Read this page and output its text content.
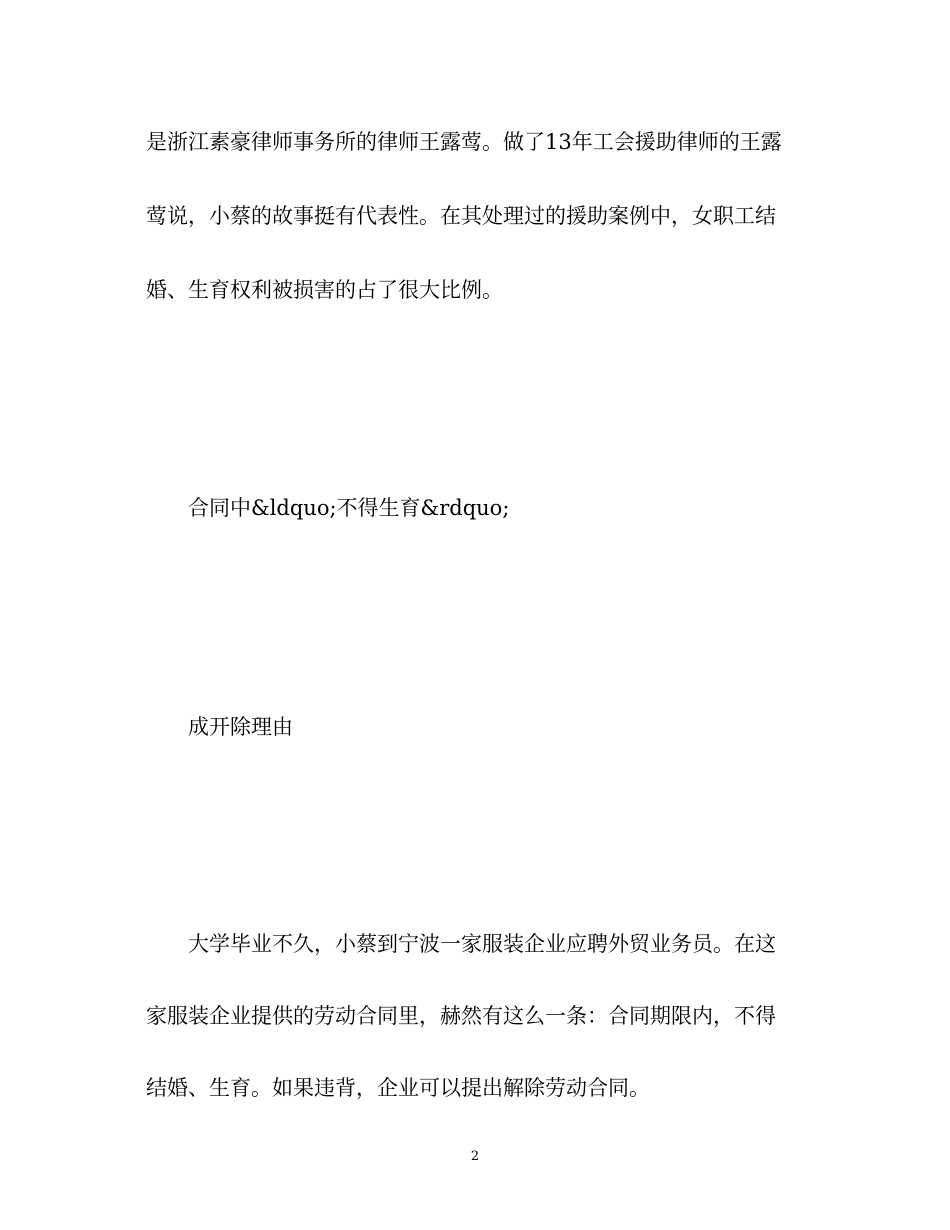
是浙江素豪律师事务所的律师王露莺。做了13年工会援助律师的王露

莺说，小蔡的故事挺有代表性。在其处理过的援助案例中，女职工结

婚、生育权利被损害的占了很大比例。

合同中&ldquo;不得生育&rdquo;

成开除理由

大学毕业不久，小蔡到宁波一家服装企业应聘外贸业务员。在这

家服装企业提供的劳动合同里，赫然有这么一条：合同期限内，不得

结婚、生育。如果违背，企业可以提出解除劳动合同。

2
